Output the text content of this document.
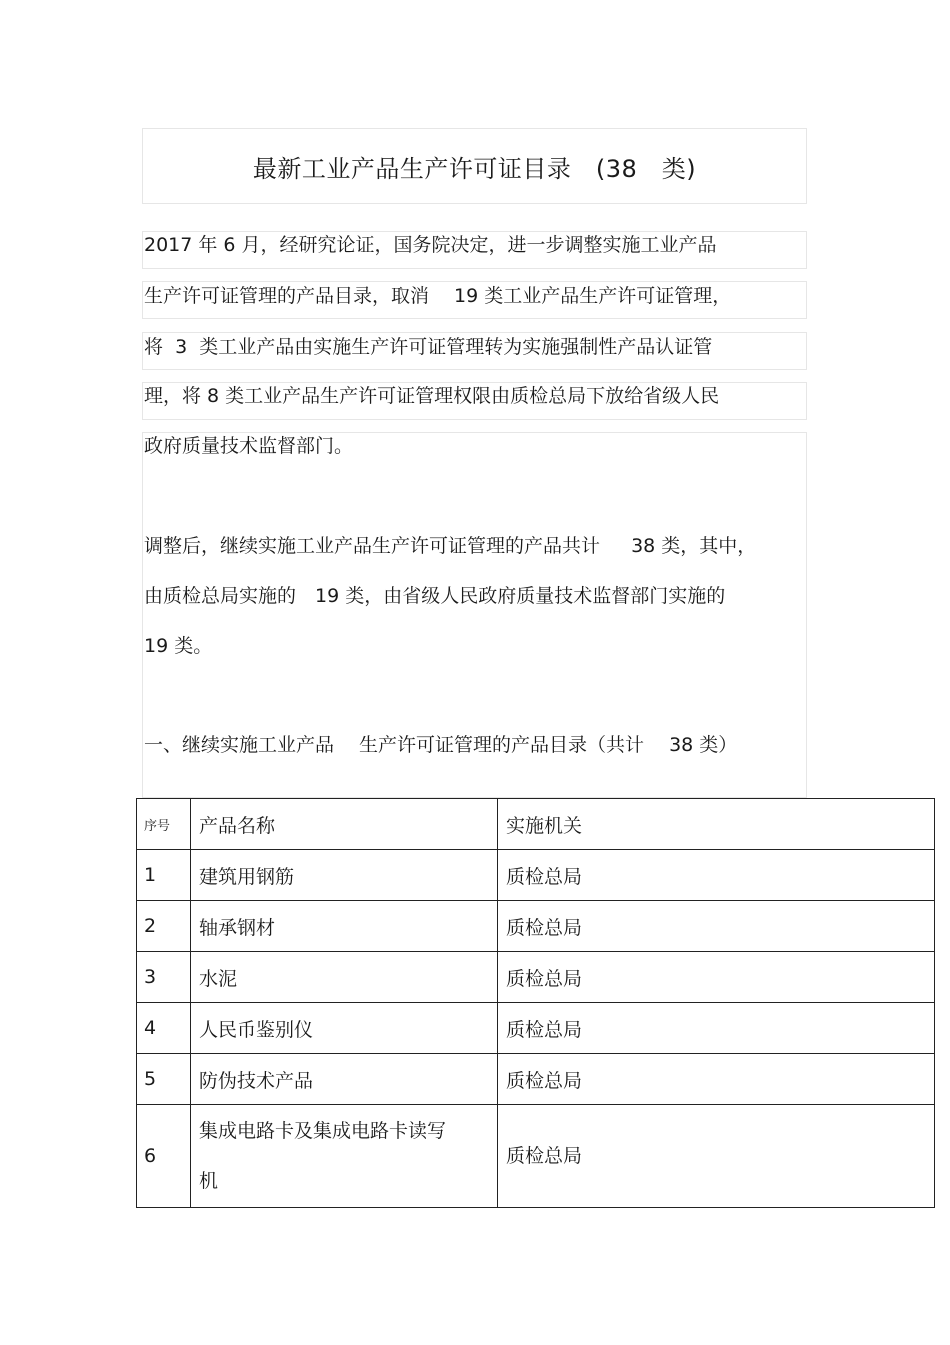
最新工业产品生产许可证目录　(38　类)
2017 年 6 月，经研究论证，国务院决定，进一步调整实施工业产品
生产许可证管理的产品目录，取消　 19 类工业产品生产许可证管理，
将  3  类工业产品由实施生产许可证管理转为实施强制性产品认证管
理，将 8 类工业产品生产许可证管理权限由质检总局下放给省级人民
政府质量技术监督部门。
调整后，继续实施工业产品生产许可证管理的产品共计　  38 类，其中，
由质检总局实施的　19 类，由省级人民政府质量技术监督部门实施的
19 类。
一、继续实施工业产品　 生产许可证管理的产品目录（共计　 38 类）
序号	产品名称	实施机关
1	建筑用钢筋	质检总局
2	轴承钢材	质检总局
3	水泥	质检总局
4	人民币鉴别仪	质检总局
5	防伪技术产品	质检总局
6	集成电路卡及集成电路卡读写机	质检总局
